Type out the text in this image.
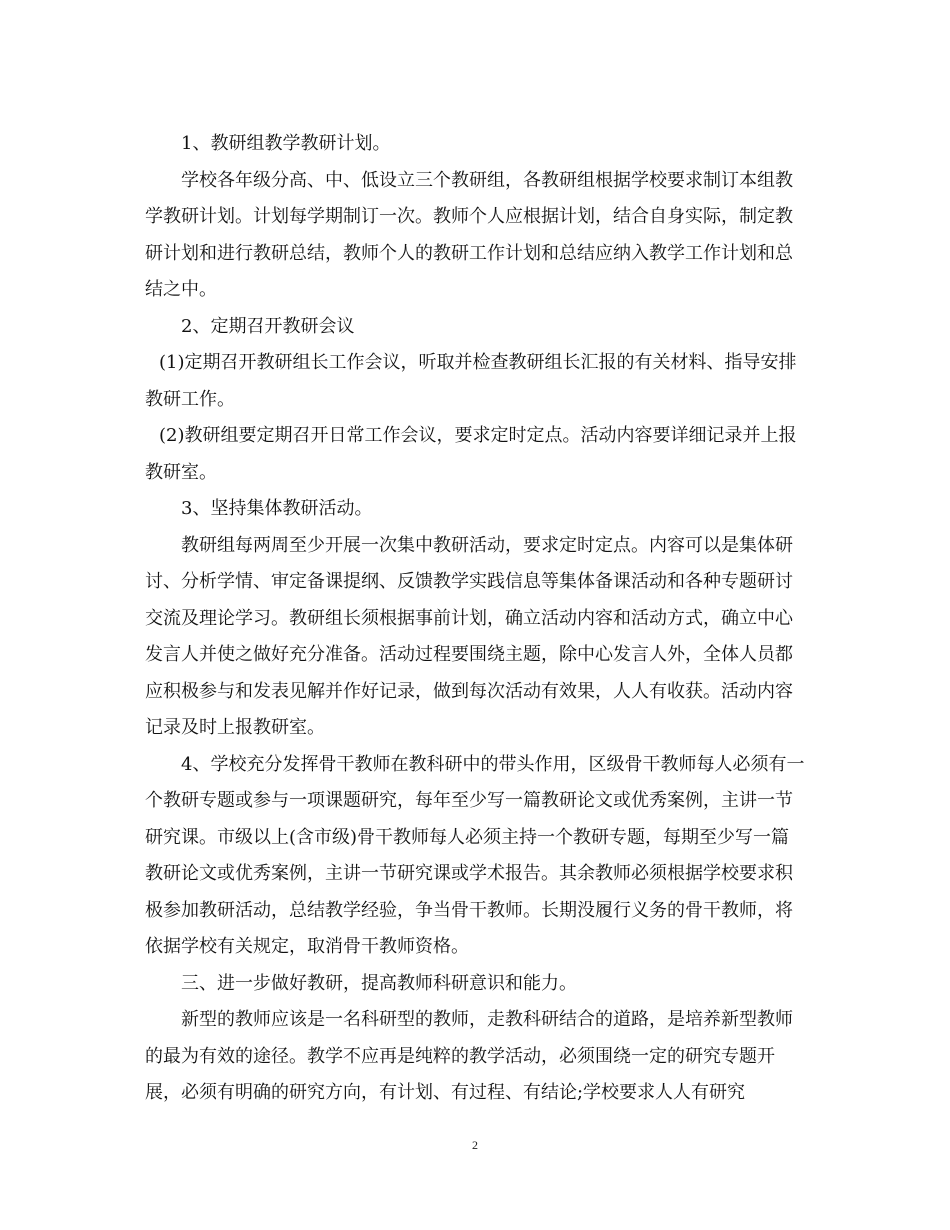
1、教研组教学教研计划。

学校各年级分高、中、低设立三个教研组，各教研组根据学校要求制订本组教学教研计划。计划每学期制订一次。教师个人应根据计划，结合自身实际，制定教研计划和进行教研总结，教师个人的教研工作计划和总结应纳入教学工作计划和总结之中。

2、定期召开教研会议

(1)定期召开教研组长工作会议，听取并检查教研组长汇报的有关材料、指导安排教研工作。

(2)教研组要定期召开日常工作会议，要求定时定点。活动内容要详细记录并上报教研室。

3、坚持集体教研活动。

教研组每两周至少开展一次集中教研活动，要求定时定点。内容可以是集体研讨、分析学情、审定备课提纲、反馈教学实践信息等集体备课活动和各种专题研讨交流及理论学习。教研组长须根据事前计划，确立活动内容和活动方式，确立中心发言人并使之做好充分准备。活动过程要围绕主题，除中心发言人外，全体人员都应积极参与和发表见解并作好记录，做到每次活动有效果，人人有收获。活动内容记录及时上报教研室。

4、学校充分发挥骨干教师在教科研中的带头作用，区级骨干教师每人必须有一个教研专题或参与一项课题研究，每年至少写一篇教研论文或优秀案例，主讲一节研究课。市级以上(含市级)骨干教师每人必须主持一个教研专题，每期至少写一篇教研论文或优秀案例，主讲一节研究课或学术报告。其余教师必须根据学校要求积极参加教研活动，总结教学经验，争当骨干教师。长期没履行义务的骨干教师，将依据学校有关规定，取消骨干教师资格。

三、进一步做好教研，提高教师科研意识和能力。

新型的教师应该是一名科研型的教师，走教科研结合的道路，是培养新型教师的最为有效的途径。教学不应再是纯粹的教学活动，必须围绕一定的研究专题开展，必须有明确的研究方向，有计划、有过程、有结论;学校要求人人有研究

2
